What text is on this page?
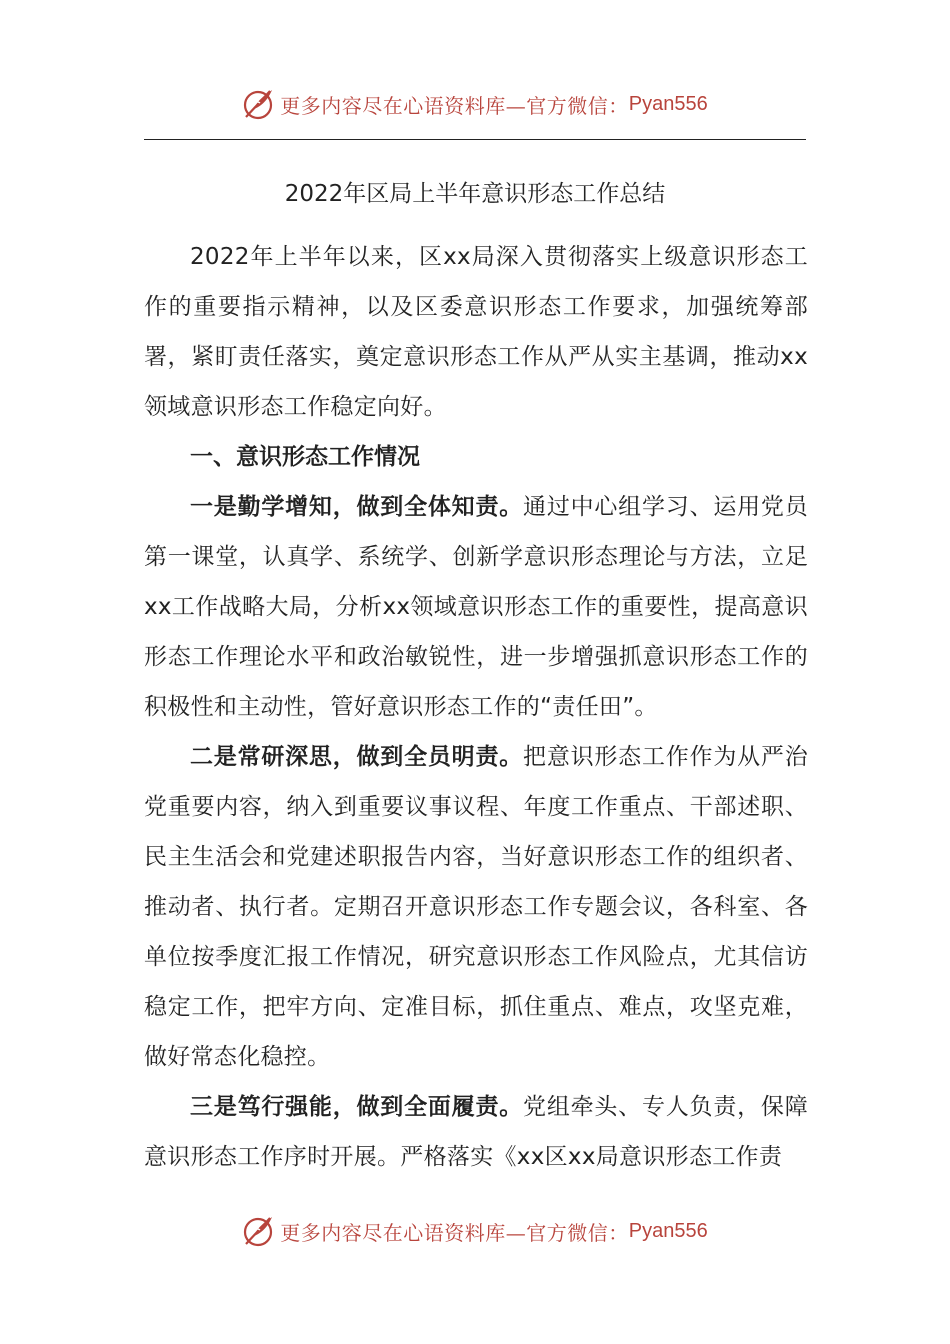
更多内容尽在心语资料库—官方微信： Pyan556
2022年区局上半年意识形态工作总结

2022年上半年以来，区xx局深入贯彻落实上级意识形态工作的重要指示精神，以及区委意识形态工作要求，加强统筹部署，紧盯责任落实，奠定意识形态工作从严从实主基调，推动xx领域意识形态工作稳定向好。

一、意识形态工作情况

一是勤学增知，做到全体知责。通过中心组学习、运用党员第一课堂，认真学、系统学、创新学意识形态理论与方法，立足xx工作战略大局，分析xx领域意识形态工作的重要性，提高意识形态工作理论水平和政治敏锐性，进一步增强抓意识形态工作的积极性和主动性，管好意识形态工作的“责任田”。

二是常研深思，做到全员明责。把意识形态工作作为从严治党重要内容，纳入到重要议事议程、年度工作重点、干部述职、民主生活会和党建述职报告内容，当好意识形态工作的组织者、推动者、执行者。定期召开意识形态工作专题会议，各科室、各单位按季度汇报工作情况，研究意识形态工作风险点，尤其信访稳定工作，把牢方向、定准目标，抓住重点、难点，攻坚克难，做好常态化稳控。

三是笃行强能，做到全面履责。党组牵头、专人负责，保障意识形态工作序时开展。严格落实《xx区xx局意识形态工作责

更多内容尽在心语资料库—官方微信： Pyan556
